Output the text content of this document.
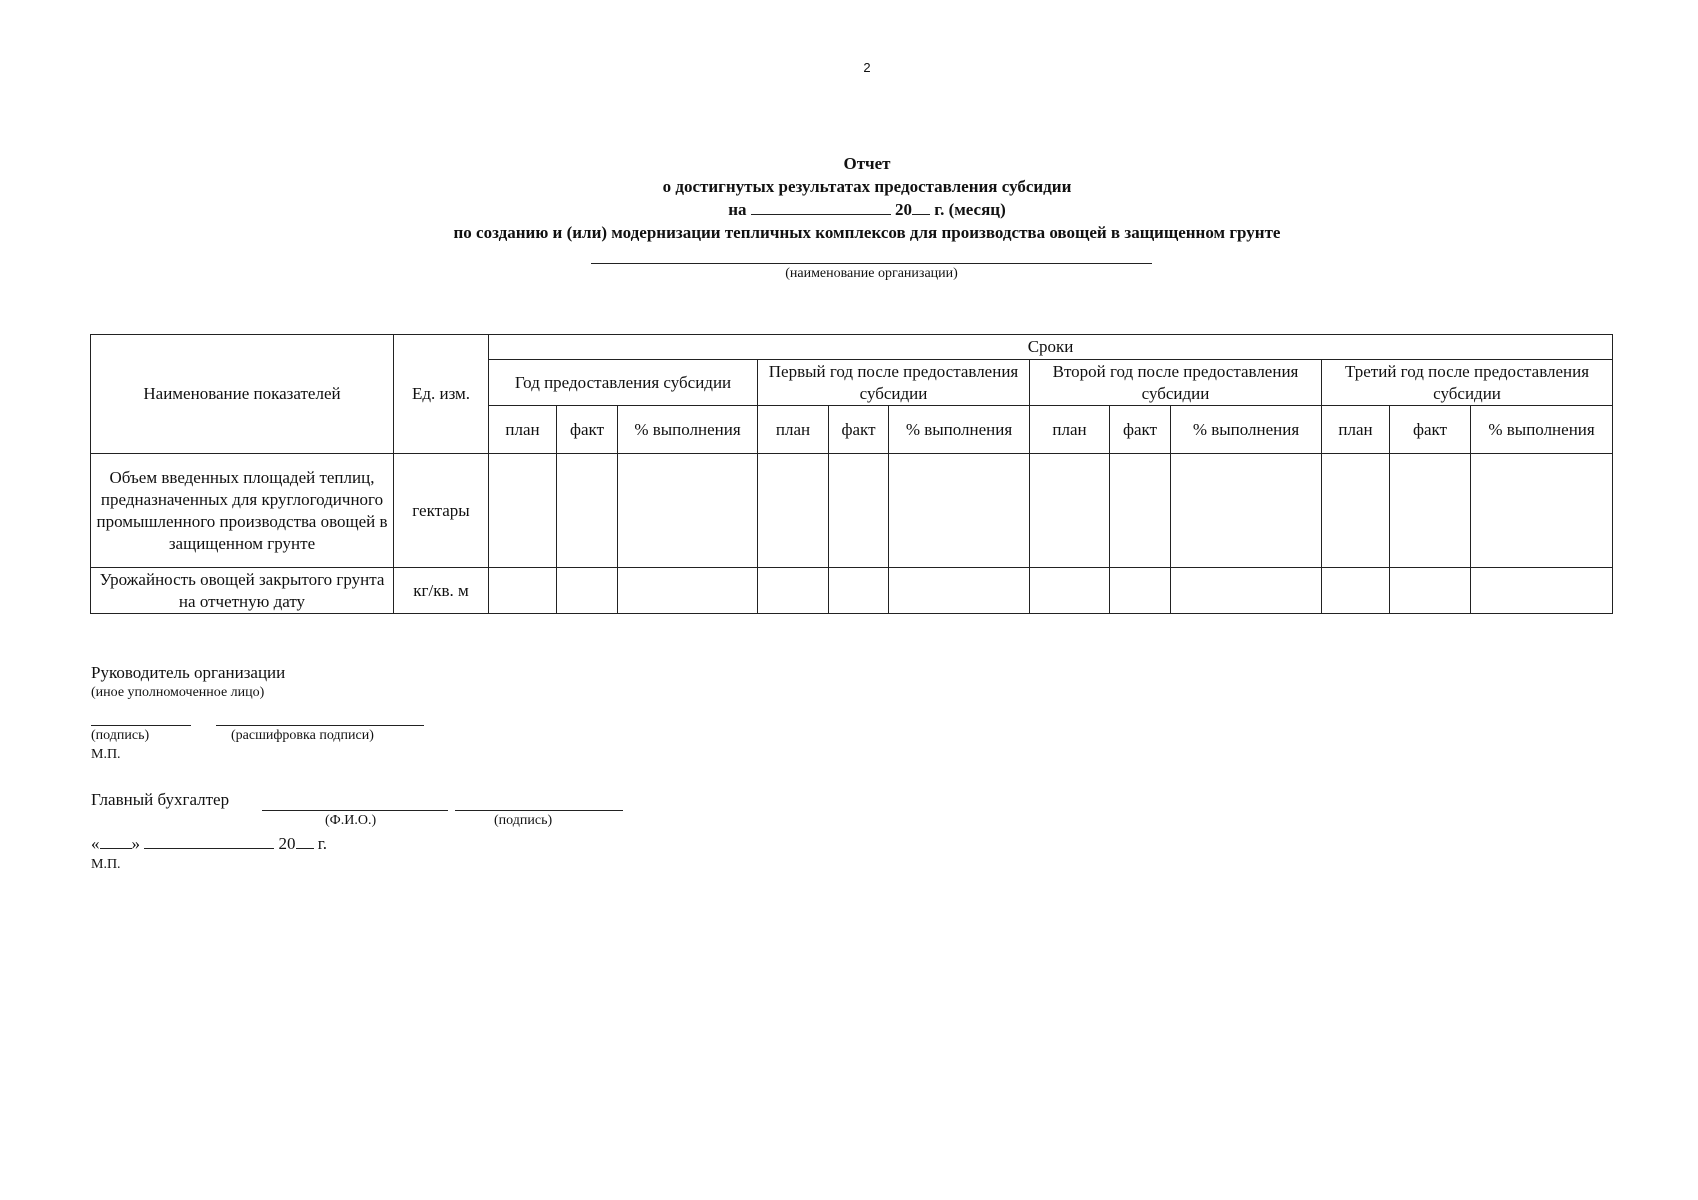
2
Отчет
о достигнутых результатах предоставления субсидии
на	20 г. (месяц)
по созданию и (или) модернизации тепличных комплексов для производства овощей в защищенном грунте
(наименование организации)
Наименование показателей	Ед. изм.	Сроки											
		Год предоставления субсидии			Первый год после предоставления субсидии			Второй год после предоставления субсидии			Третий год после предоставления субсидии		
		план	факт	% выполнения	план	факт	% выполнения	план	факт	% выполнения	план	факт	% выполнения
Объем введенных площадей теплиц, предназначенных для круглогодичного промышленного производства овощей в защищенном грунте	гектары												
Урожайность овощей закрытого грунта на отчетную дату	кг/кв. м												
Руководитель организации
(иное уполномоченное лицо)
(подпись)	(расшифровка подписи)
М.П.
Главный бухгалтер
(Ф.И.О.)	(подпись)
« »	20 г.
М.П.
